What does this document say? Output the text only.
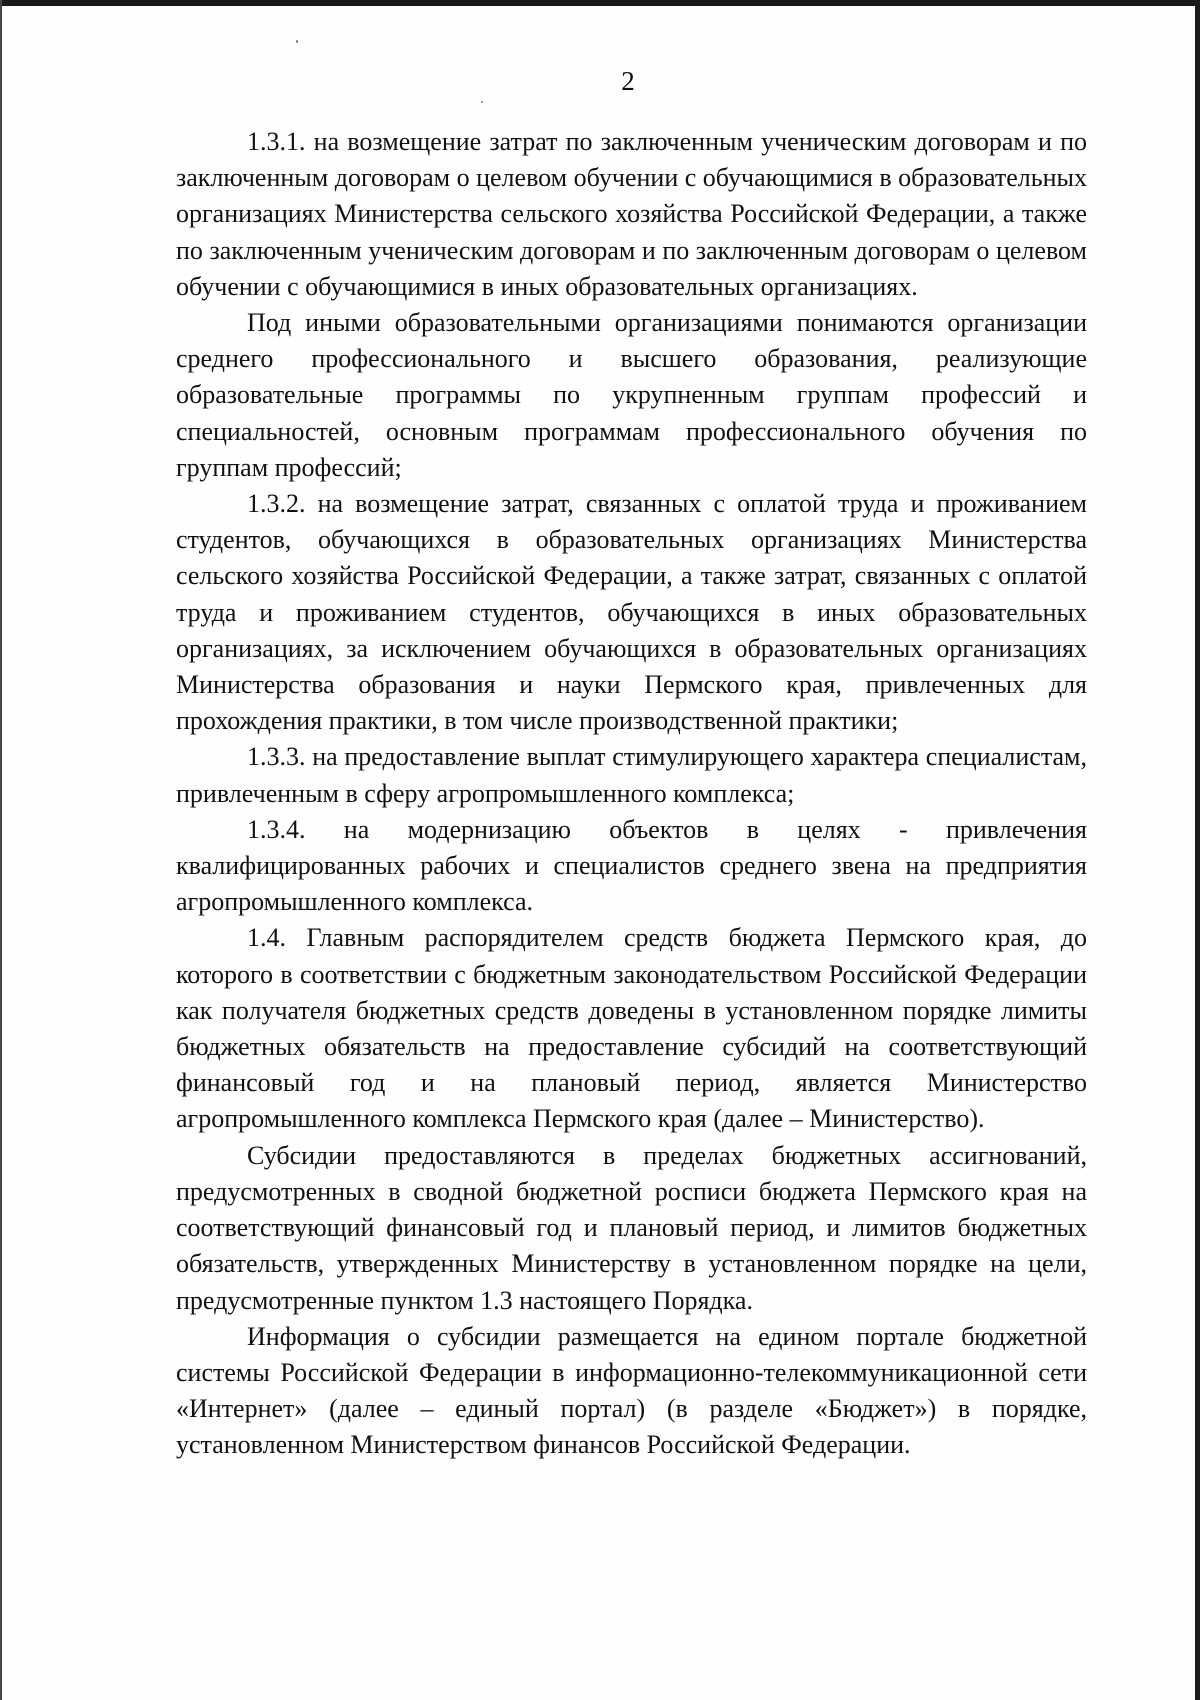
2

1.3.1. на возмещение затрат по заключенным ученическим договорам и по заключенным договорам о целевом обучении с обучающимися в образовательных организациях Министерства сельского хозяйства Российской Федерации, а также по заключенным ученическим договорам и по заключенным договорам о целевом обучении с обучающимися в иных образовательных организациях.

Под иными образовательными организациями понимаются организации среднего профессионального и высшего образования, реализующие образовательные программы по укрупненным группам профессий и специальностей, основным программам профессионального обучения по группам профессий;

1.3.2. на возмещение затрат, связанных с оплатой труда и проживанием студентов, обучающихся в образовательных организациях Министерства сельского хозяйства Российской Федерации, а также затрат, связанных с оплатой труда и проживанием студентов, обучающихся в иных образовательных организациях, за исключением обучающихся в образовательных организациях Министерства образования и науки Пермского края, привлеченных для прохождения практики, в том числе производственной практики;

1.3.3. на предоставление выплат стимулирующего характера специалистам, привлеченным в сферу агропромышленного комплекса;

1.3.4. на модернизацию объектов в целях - привлечения квалифицированных рабочих и специалистов среднего звена на предприятия агропромышленного комплекса.

1.4. Главным распорядителем средств бюджета Пермского края, до которого в соответствии с бюджетным законодательством Российской Федерации как получателя бюджетных средств доведены в установленном порядке лимиты бюджетных обязательств на предоставление субсидий на соответствующий финансовый год и на плановый период, является Министерство агропромышленного комплекса Пермского края (далее – Министерство).

Субсидии предоставляются в пределах бюджетных ассигнований, предусмотренных в сводной бюджетной росписи бюджета Пермского края на соответствующий финансовый год и плановый период, и лимитов бюджетных обязательств, утвержденных Министерству в установленном порядке на цели, предусмотренные пунктом 1.3 настоящего Порядка.

Информация о субсидии размещается на едином портале бюджетной системы Российской Федерации в информационно-телекоммуникационной сети «Интернет» (далее – единый портал) (в разделе «Бюджет») в порядке, установленном Министерством финансов Российской Федерации.
